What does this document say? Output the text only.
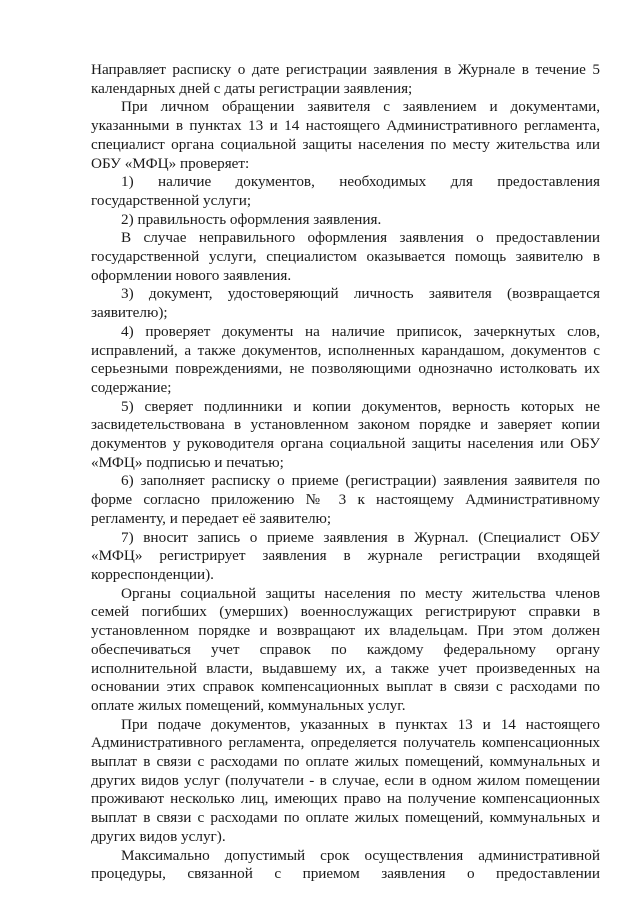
Направляет расписку о дате регистрации заявления в Журнале в течение 5 календарных дней с даты регистрации заявления;

При личном обращении заявителя с заявлением и документами, указанными в пунктах 13 и 14 настоящего Административного регламента, специалист органа социальной защиты населения по месту жительства или ОБУ «МФЦ» проверяет:

1) наличие документов, необходимых для предоставления государственной услуги;

2) правильность оформления заявления.

В случае неправильного оформления заявления о предоставлении государственной услуги, специалистом оказывается помощь заявителю в оформлении нового заявления.

3) документ, удостоверяющий личность заявителя (возвращается заявителю);

4) проверяет документы на наличие приписок, зачеркнутых слов, исправлений, а также документов, исполненных карандашом, документов с серьезными повреждениями, не позволяющими однозначно истолковать их содержание;

5) сверяет подлинники и копии документов, верность которых не засвидетельствована в установленном законом порядке и заверяет копии документов у руководителя органа социальной защиты населения или ОБУ «МФЦ» подписью и печатью;

6) заполняет расписку о приеме (регистрации) заявления заявителя по форме согласно приложению № 3 к настоящему Административному регламенту, и передает её заявителю;

7) вносит запись о приеме заявления в Журнал. (Специалист ОБУ «МФЦ» регистрирует заявления в журнале регистрации входящей корреспонденции).

Органы социальной защиты населения по месту жительства членов семей погибших (умерших) военнослужащих регистрируют справки в установленном порядке и возвращают их владельцам. При этом должен обеспечиваться учет справок по каждому федеральному органу исполнительной власти, выдавшему их, а также учет произведенных на основании этих справок компенсационных выплат в связи с расходами по оплате жилых помещений, коммунальных услуг.

При подаче документов, указанных в пунктах 13 и 14 настоящего Административного регламента, определяется получатель компенсационных выплат в связи с расходами по оплате жилых помещений, коммунальных и других видов услуг (получатели - в случае, если в одном жилом помещении проживают несколько лиц, имеющих право на получение компенсационных выплат в связи с расходами по оплате жилых помещений, коммунальных и других видов услуг).

Максимально допустимый срок осуществления административной процедуры, связанной с приемом заявления о предоставлении
